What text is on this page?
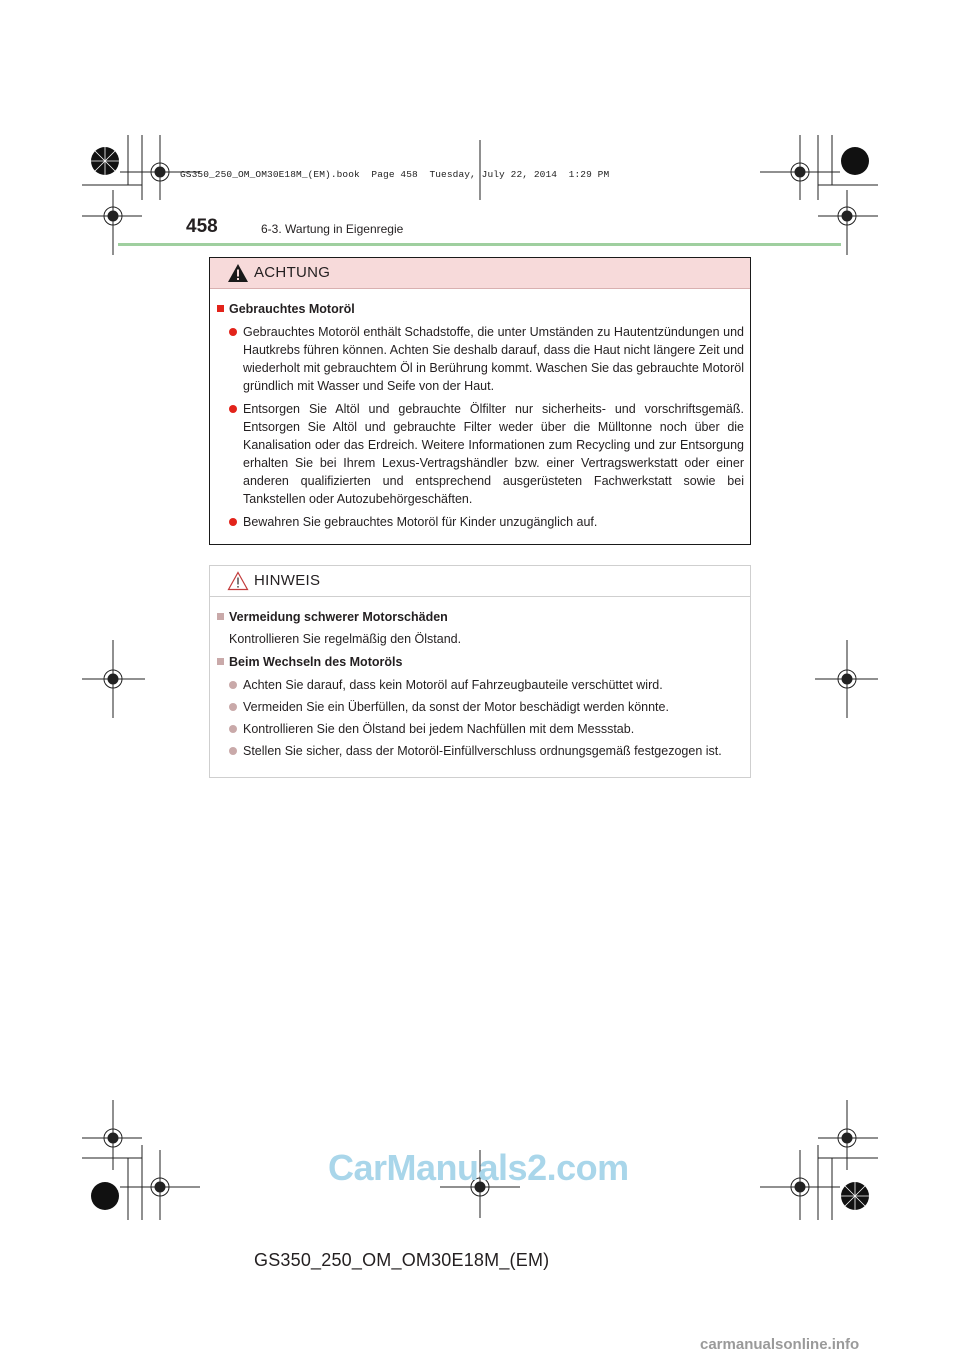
GS350_250_OM_OM30E18M_(EM).book  Page 458  Tuesday, July 22, 2014  1:29 PM
458	6-3. Wartung in Eigenregie
ACHTUNG
Gebrauchtes Motoröl
Gebrauchtes Motoröl enthält Schadstoffe, die unter Umständen zu Hautentzündungen und Hautkrebs führen können. Achten Sie deshalb darauf, dass die Haut nicht längere Zeit und wiederholt mit gebrauchtem Öl in Berührung kommt. Waschen Sie das gebrauchte Motoröl gründlich mit Wasser und Seife von der Haut.
Entsorgen Sie Altöl und gebrauchte Ölfilter nur sicherheits- und vorschriftsgemäß. Entsorgen Sie Altöl und gebrauchte Filter weder über die Mülltonne noch über die Kanalisation oder das Erdreich. Weitere Informationen zum Recycling und zur Entsorgung erhalten Sie bei Ihrem Lexus-Vertragshändler bzw. einer Vertragswerkstatt oder einer anderen qualifizierten und entsprechend ausgerüsteten Fachwerkstatt sowie bei Tankstellen oder Autozubehörgeschäften.
Bewahren Sie gebrauchtes Motoröl für Kinder unzugänglich auf.
HINWEIS
Vermeidung schwerer Motorschäden
Kontrollieren Sie regelmäßig den Ölstand.
Beim Wechseln des Motoröls
Achten Sie darauf, dass kein Motoröl auf Fahrzeugbauteile verschüttet wird.
Vermeiden Sie ein Überfüllen, da sonst der Motor beschädigt werden könnte.
Kontrollieren Sie den Ölstand bei jedem Nachfüllen mit dem Messstab.
Stellen Sie sicher, dass der Motoröl-Einfüllverschluss ordnungsgemäß festgezogen ist.
CarManuals2.com
GS350_250_OM_OM30E18M_(EM)
carmanualsonline.info
